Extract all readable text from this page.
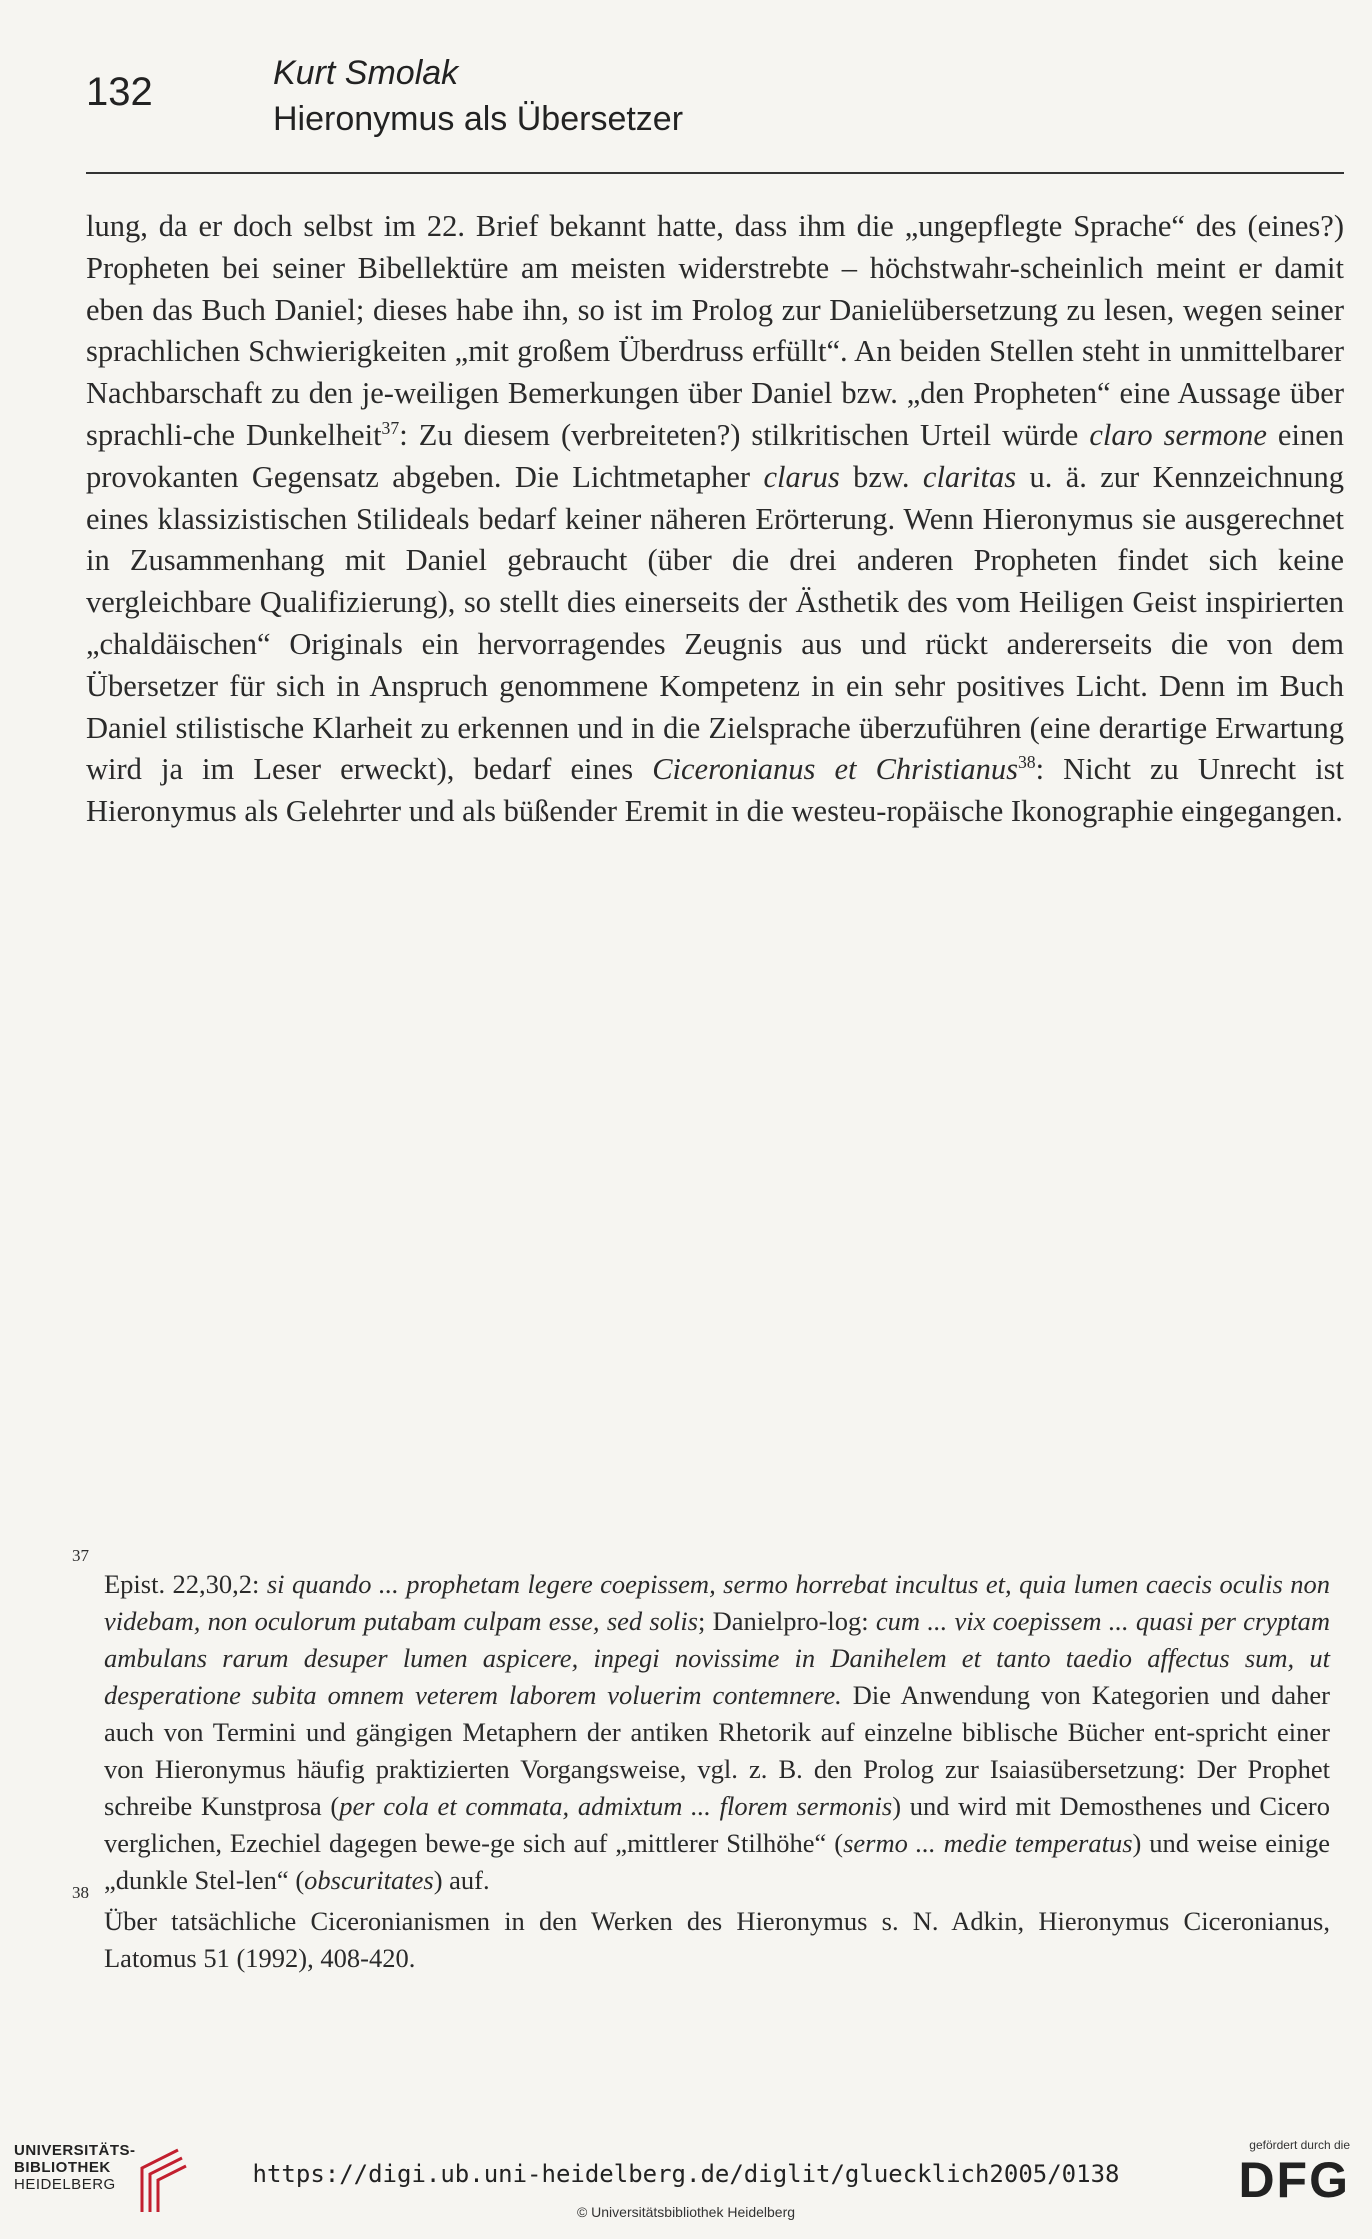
132	Kurt Smolak
Hieronymus als Übersetzer

lung, da er doch selbst im 22. Brief bekannt hatte, dass ihm die „ungepflegte Sprache“ des (eines?) Propheten bei seiner Bibellektüre am meisten widerstrebte – höchstwahr-scheinlich meint er damit eben das Buch Daniel; dieses habe ihn, so ist im Prolog zur Danielübersetzung zu lesen, wegen seiner sprachlichen Schwierigkeiten „mit großem Überdruss erfüllt“. An beiden Stellen steht in unmittelbarer Nachbarschaft zu den je-weiligen Bemerkungen über Daniel bzw. „den Propheten“ eine Aussage über sprachli-che Dunkelheit$^{37}$: Zu diesem (verbreiteten?) stilkritischen Urteil würde claro sermone einen provokanten Gegensatz abgeben. Die Lichtmetapher clarus bzw. claritas u. ä. zur Kennzeichnung eines klassizistischen Stilideals bedarf keiner näheren Erörterung. Wenn Hieronymus sie ausgerechnet in Zusammenhang mit Daniel gebraucht (über die drei anderen Propheten findet sich keine vergleichbare Qualifizierung), so stellt dies einerseits der Ästhetik des vom Heiligen Geist inspirierten „chaldäischen“ Originals ein hervorragendes Zeugnis aus und rückt andererseits die von dem Übersetzer für sich in Anspruch genommene Kompetenz in ein sehr positives Licht. Denn im Buch Daniel stilistische Klarheit zu erkennen und in die Zielsprache überzuführen (eine derartige Erwartung wird ja im Leser erweckt), bedarf eines Ciceronianus et Christianus$^{38}$: Nicht zu Unrecht ist Hieronymus als Gelehrter und als büßender Eremit in die westeu-ropäische Ikonographie eingegangen.

37
Epist. 22,30,2: si quando ... prophetam legere coepissem, sermo horrebat incultus et, quia lumen caecis oculis non videbam, non oculorum putabam culpam esse, sed solis; Danielpro-log: cum ... vix coepissem ... quasi per cryptam ambulans rarum desuper lumen aspicere, inpegi novissime in Danihelem et tanto taedio affectus sum, ut desperatione subita omnem veterem laborem voluerim contemnere. Die Anwendung von Kategorien und daher auch von Termini und gängigen Metaphern der antiken Rhetorik auf einzelne biblische Bücher ent-spricht einer von Hieronymus häufig praktizierten Vorgangsweise, vgl. z. B. den Prolog zur Isaiasübersetzung: Der Prophet schreibe Kunstprosa (per cola et commata, admixtum ... florem sermonis) und wird mit Demosthenes und Cicero verglichen, Ezechiel dagegen bewe-ge sich auf „mittlerer Stilhöhe“ (sermo ... medie temperatus) und weise einige „dunkle Stel-len“ (obscuritates) auf.

38
Über tatsächliche Ciceronianismen in den Werken des Hieronymus s. N. Adkin, Hieronymus Ciceronianus, Latomus 51 (1992), 408-420.

UNIVERSITÄTS-
BIBLIOTHEK
HEIDELBERG	https://digi.ub.uni-heidelberg.de/diglit/gluecklich2005/0138
© Universitätsbibliothek Heidelberg
gefördert durch die
DFG
